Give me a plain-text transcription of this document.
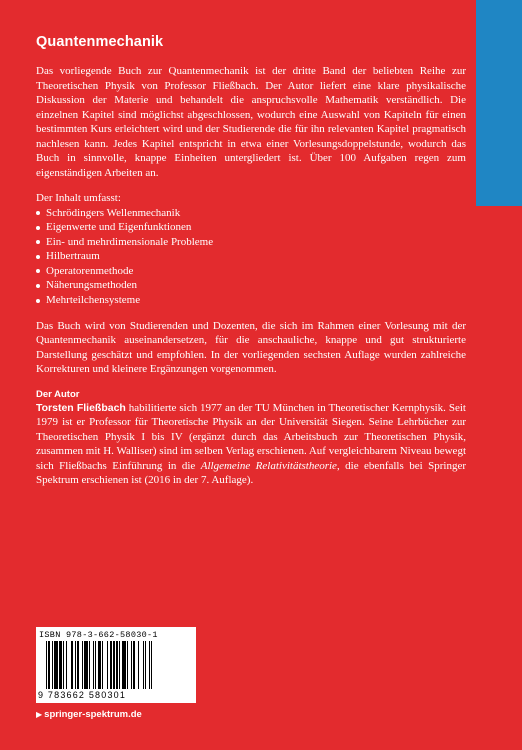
Quantenmechanik

Das vorliegende Buch zur Quantenmechanik ist der dritte Band der beliebten Reihe zur Theoretischen Physik von Professor Fließbach. Der Autor liefert eine klare physikalische Diskussion der Materie und behandelt die anspruchsvolle Mathematik verständlich. Die einzelnen Kapitel sind möglichst abgeschlossen, wodurch eine Auswahl von Kapiteln für einen bestimmten Kurs erleichtert wird und der Studierende die für ihn relevanten Kapitel pragmatisch nachlesen kann. Jedes Kapitel entspricht in etwa einer Vorlesungsdoppelstunde, wodurch das Buch in sinnvolle, knappe Einheiten untergliedert ist. Über 100 Aufgaben regen zum eigenständigen Arbeiten an.

Der Inhalt umfasst:

Schrödingers Wellenmechanik
Eigenwerte und Eigenfunktionen
Ein- und mehrdimensionale Probleme
Hilbertraum
Operatorenmethode
Näherungsmethoden
Mehrteilchensysteme

Das Buch wird von Studierenden und Dozenten, die sich im Rahmen einer Vorlesung mit der Quantenmechanik auseinandersetzen, für die anschauliche, knappe und gut strukturierte Darstellung geschätzt und empfohlen. In der vorliegenden sechsten Auflage wurden zahlreiche Korrekturen und kleinere Ergänzungen vorgenommen.

Der Autor

Torsten Fließbach habilitierte sich 1977 an der TU München in Theoretischer Kernphysik. Seit 1979 ist er Professor für Theoretische Physik an der Universität Siegen. Seine Lehrbücher zur Theoretischen Physik I bis IV (ergänzt durch das Arbeitsbuch zur Theoretischen Physik, zusammen mit H. Walliser) sind im selben Verlag erschienen. Auf vergleichbarem Niveau bewegt sich Fließbachs Einführung in die Allgemeine Relativitätstheorie, die ebenfalls bei Springer Spektrum erschienen ist (2016 in der 7. Auflage).

ISBN 978-3-662-58030-1
9 783662 580301
▶ springer-spektrum.de
